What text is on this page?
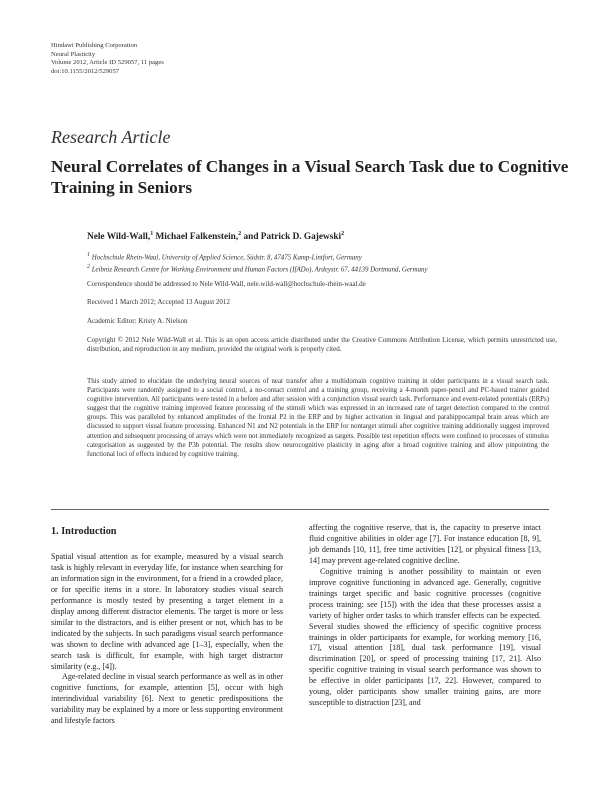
Hindawi Publishing Corporation
Neural Plasticity
Volume 2012, Article ID 529057, 11 pages
doi:10.1155/2012/529057
Research Article
Neural Correlates of Changes in a Visual Search Task due to Cognitive Training in Seniors
Nele Wild-Wall,$^1$ Michael Falkenstein,$^2$ and Patrick D. Gajewski$^2$
$^1$ Hochschule Rhein-Waal, University of Applied Science, Südstr. 8, 47475 Kamp-Lintfort, Germany
$^2$ Leibniz Research Centre for Working Environment and Human Factors (IfADo), Ardeystr. 67, 44139 Dortmund, Germany
Correspondence should be addressed to Nele Wild-Wall, nele.wild-wall@hochschule-rhein-waal.de
Received 1 March 2012; Accepted 13 August 2012
Academic Editor: Kristy A. Nielson
Copyright © 2012 Nele Wild-Wall et al. This is an open access article distributed under the Creative Commons Attribution License, which permits unrestricted use, distribution, and reproduction in any medium, provided the original work is properly cited.
This study aimed to elucidate the underlying neural sources of near transfer after a multidomain cognitive training in older participants in a visual search task. Participants were randomly assigned to a social control, a no-contact control and a training group, receiving a 4-month paper-pencil and PC-based trainer guided cognitive intervention. All participants were tested in a before and after session with a conjunction visual search task. Performance and event-related potentials (ERPs) suggest that the cognitive training improved feature processing of the stimuli which was expressed in an increased rate of target detection compared to the control groups. This was paralleled by enhanced amplitudes of the frontal P2 in the ERP and by higher activation in lingual and parahippocampal brain areas which are discussed to support visual feature processing. Enhanced N1 and N2 potentials in the ERP for nontarget stimuli after cognitive training additionally suggest improved attention and subsequent processing of arrays which were not immediately recognized as targets. Possible test repetition effects were confined to processes of stimulus categorisation as suggested by the P3b potential. The results show neurocognitive plasticity in aging after a broad cognitive training and allow pinpointing the functional loci of effects induced by cognitive training.
1. Introduction

Spatial visual attention as for example, measured by a visual search task is highly relevant in everyday life, for instance when searching for an information sign in the environment, for a friend in a crowded place, or for specific items in a store. In laboratory studies visual search performance is mostly tested by presenting a target element in a display among different distractor elements. The target is more or less similar to the distractors, and is either present or not, which has to be indicated by the subjects. In such paradigms visual search performance was shown to decline with advanced age [1–3], especially, when the search task is difficult, for example, with high target distractor similarity (e.g., [4]).

Age-related decline in visual search performance as well as in other cognitive functions, for example, attention [5], occur with high interindividual variability [6]. Next to genetic predispositions the variability may be explained by a more or less supporting environment and lifestyle factors

affecting the cognitive reserve, that is, the capacity to preserve intact fluid cognitive abilities in older age [7]. For instance education [8, 9], job demands [10, 11], free time activities [12], or physical fitness [13, 14] may prevent age-related cognitive decline.

Cognitive training is another possibility to maintain or even improve cognitive functioning in advanced age. Generally, cognitive trainings target specific and basic cognitive processes (cognitive process training: see [15]) with the idea that these processes assist a variety of higher order tasks to which transfer effects can be expected. Several studies showed the efficiency of specific cognitive process trainings in older participants for example, for working memory [16, 17], visual attention [18], dual task performance [19], visual discrimination [20], or speed of processing training [17, 21]. Also specific cognitive training in visual search performance was shown to be effective in older participants [17, 22]. However, compared to young, older participants show smaller training gains, are more susceptible to distraction [23], and
